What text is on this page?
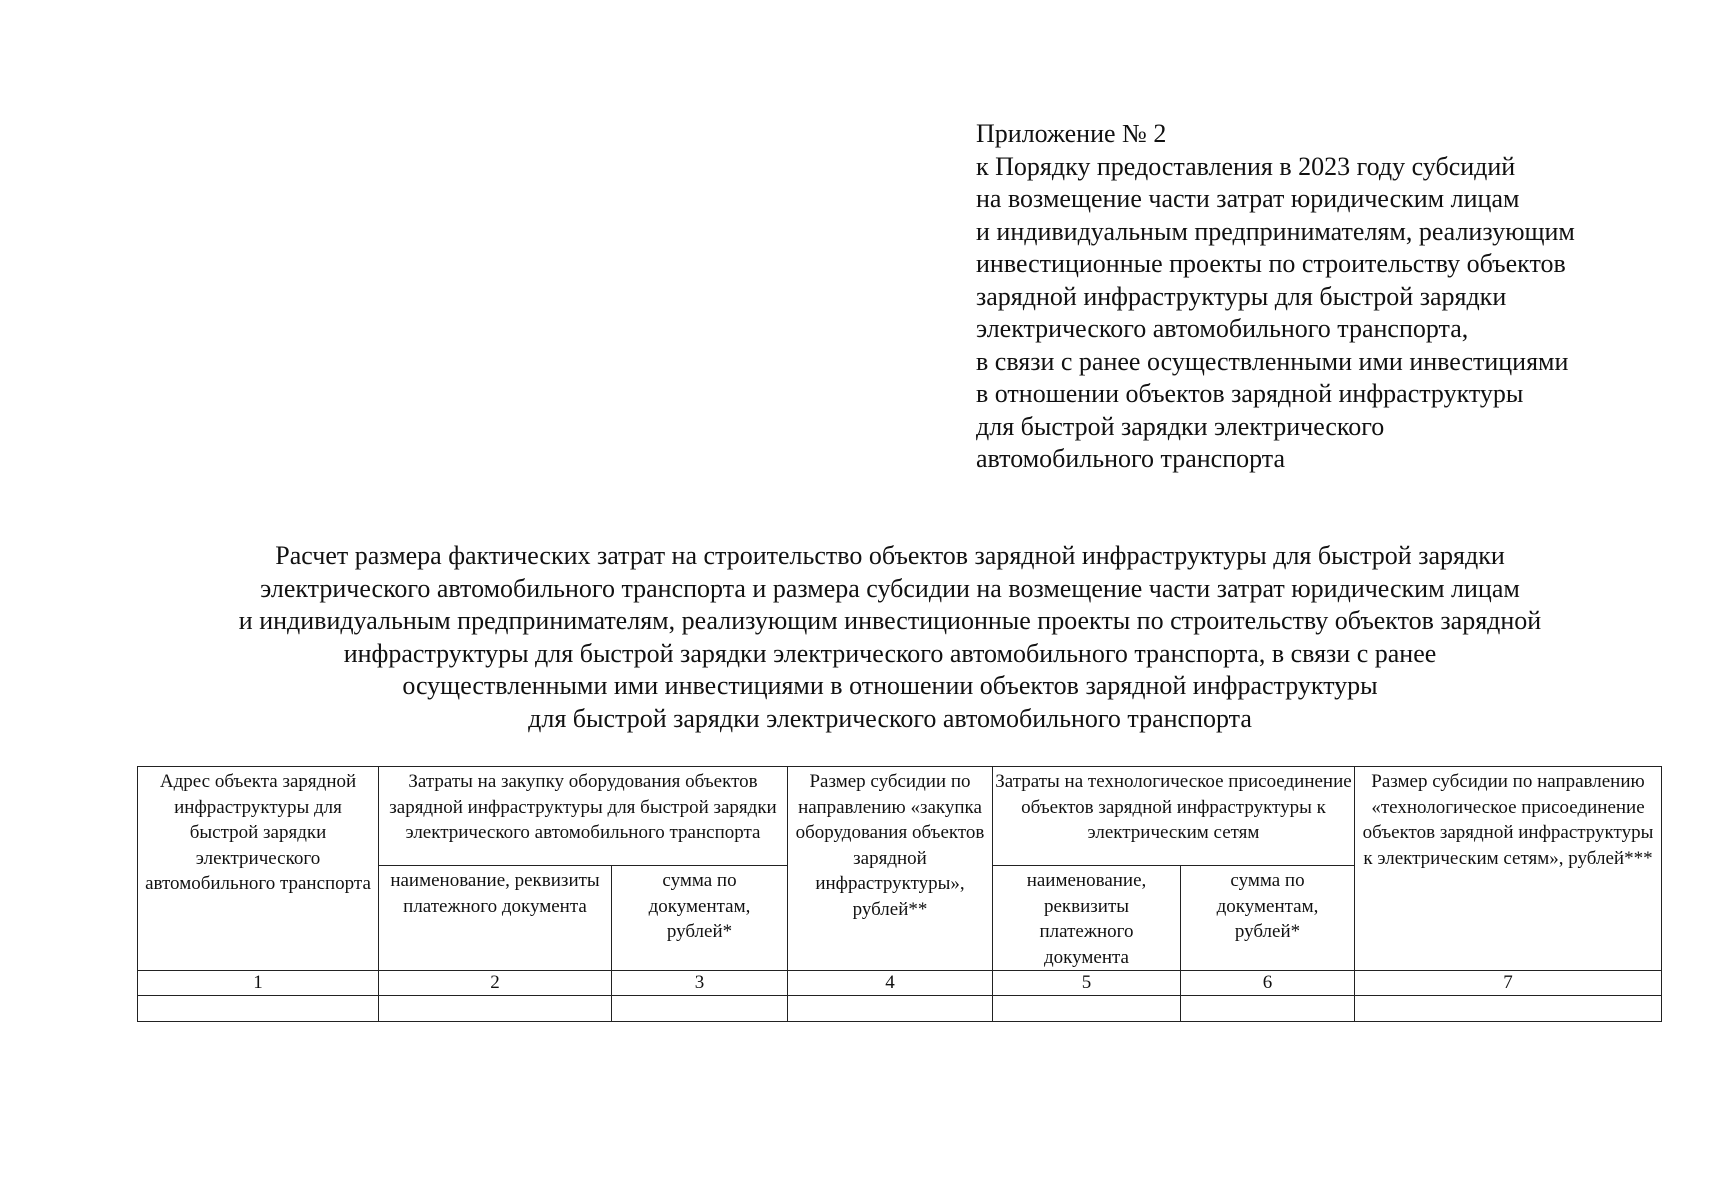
Приложение № 2
к Порядку предоставления в 2023 году субсидий
на возмещение части затрат юридическим лицам
и индивидуальным предпринимателям, реализующим
инвестиционные проекты по строительству объектов
зарядной инфраструктуры для быстрой зарядки
электрического автомобильного транспорта,
в связи с ранее осуществленными ими инвестициями
в отношении объектов зарядной инфраструктуры
для быстрой зарядки электрического
автомобильного транспорта
Расчет размера фактических затрат на строительство объектов зарядной инфраструктуры для быстрой зарядки
электрического автомобильного транспорта и размера субсидии на возмещение части затрат юридическим лицам
и индивидуальным предпринимателям, реализующим инвестиционные проекты по строительству объектов зарядной
инфраструктуры для быстрой зарядки электрического автомобильного транспорта, в связи с ранее
осуществленными ими инвестициями в отношении объектов зарядной инфраструктуры
для быстрой зарядки электрического автомобильного транспорта
Адрес объекта зарядной инфраструктуры для быстрой зарядки электрического автомобильного транспорта	Затраты на закупку оборудования объектов зарядной инфраструктуры для быстрой зарядки электрического автомобильного транспорта		Размер субсидии по направлению «закупка оборудования объектов зарядной инфраструктуры», рублей**	Затраты на технологическое присоединение объектов зарядной инфраструктуры к электрическим сетям		Размер субсидии по направлению «технологическое присоединение объектов зарядной инфраструктуры к электрическим сетям», рублей***

	наименование, реквизиты платежного документа	сумма по документам, рублей*		наименование, реквизиты платежного документа	сумма по документам, рублей*	

1	2	3	4	5	6	7
